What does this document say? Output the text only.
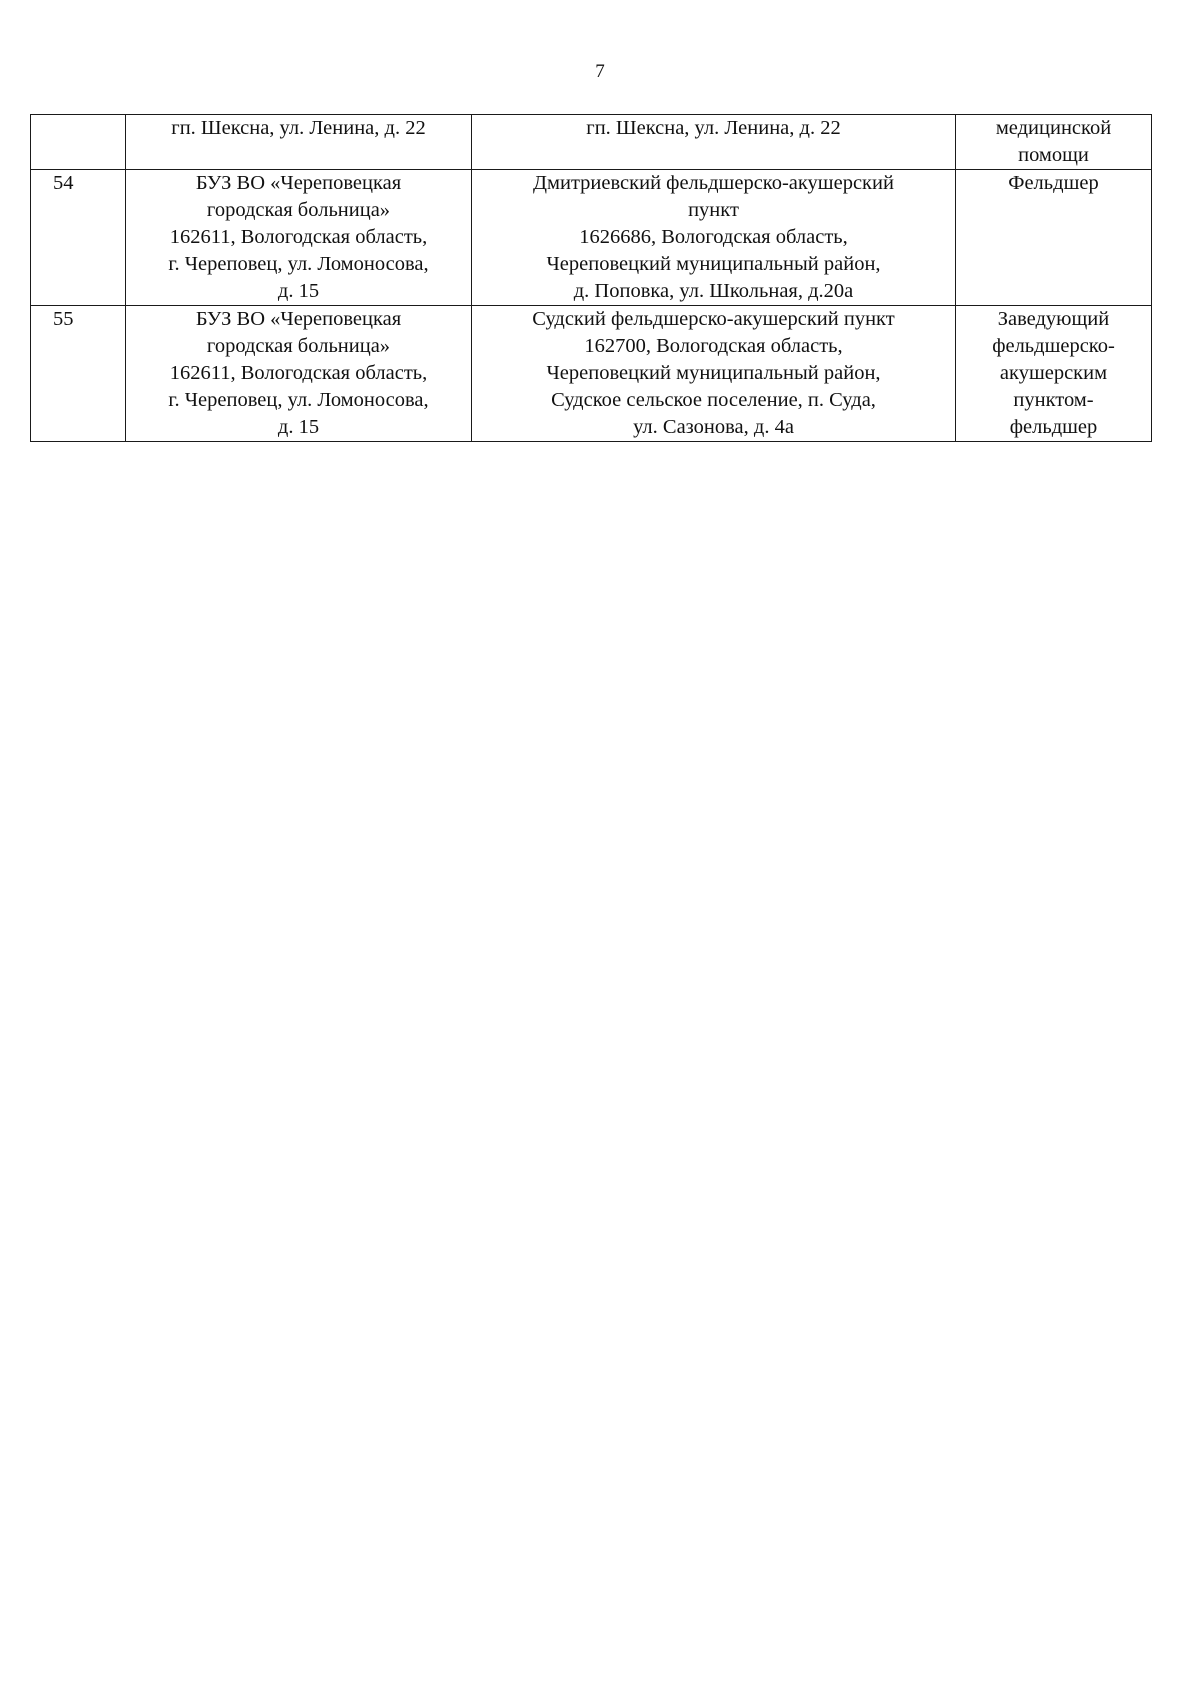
7

	гп. Шексна, ул. Ленина, д. 22	гп. Шексна, ул. Ленина, д. 22	медицинской
помощи

54	БУЗ ВО «Череповецкая
городская больница»
162611, Вологодская область,
г. Череповец, ул. Ломоносова,
д. 15	Дмитриевский фельдшерско-акушерский
пункт
1626686, Вологодская область,
Череповецкий муниципальный район,
д. Поповка, ул. Школьная, д.20а	Фельдшер

55	БУЗ ВО «Череповецкая
городская больница»
162611, Вологодская область,
г. Череповец, ул. Ломоносова,
д. 15	Судский фельдшерско-акушерский пункт
162700, Вологодская область,
Череповецкий муниципальный район,
Судское сельское поселение, п. Суда,
ул. Сазонова, д. 4а	Заведующий
фельдшерско-
акушерским
пунктом-
фельдшер
